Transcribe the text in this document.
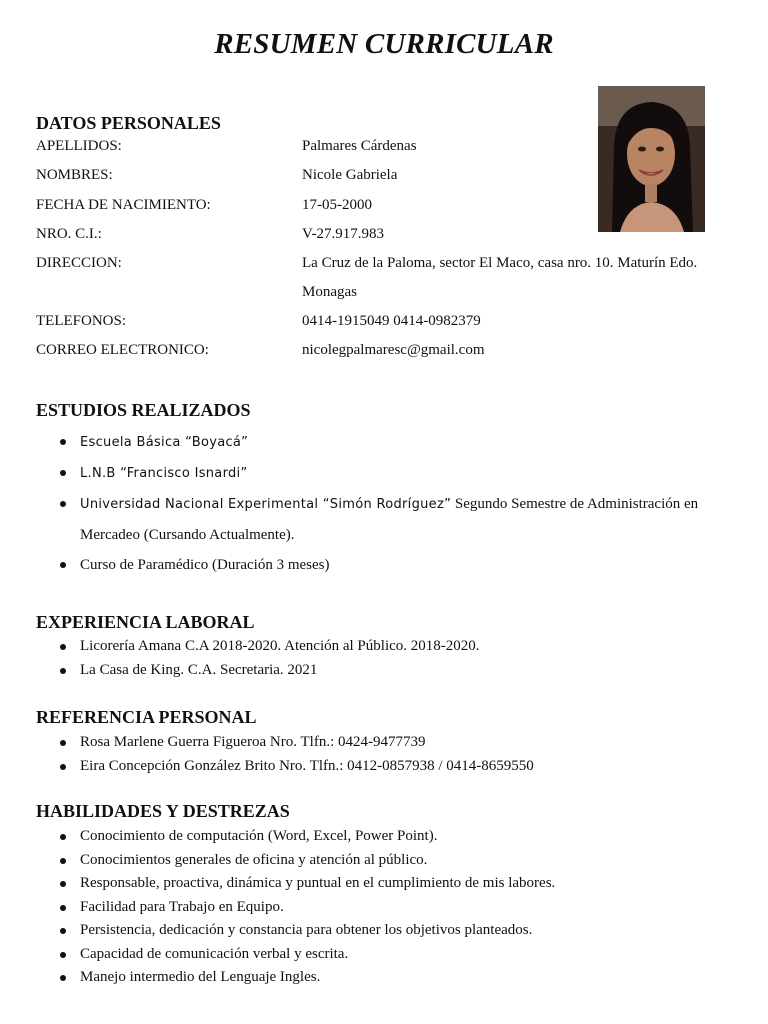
RESUMEN CURRICULAR
DATOS PERSONALES
APELLIDOS:	Palmares Cárdenas
NOMBRES:	Nicole Gabriela
FECHA DE NACIMIENTO:	17-05-2000
NRO. C.I.:	V-27.917.983
DIRECCION:	La Cruz de la Paloma, sector El Maco, casa nro. 10. Maturín Edo. Monagas
TELEFONOS:	0414-1915049 0414-0982379
CORREO ELECTRONICO:	nicolegpalmaresc@gmail.com
ESTUDIOS REALIZADOS
Escuela Básica “Boyacá”
L.N.B “Francisco Isnardi”
Universidad Nacional Experimental “Simón Rodríguez” Segundo Semestre de Administración en Mercadeo (Cursando Actualmente).
Curso de Paramédico (Duración 3 meses)
EXPERIENCIA LABORAL
Licorería Amana C.A 2018-2020. Atención al Público. 2018-2020.
La Casa de King. C.A. Secretaria. 2021
REFERENCIA PERSONAL
Rosa Marlene Guerra Figueroa Nro. Tlfn.: 0424-9477739
Eira Concepción González Brito Nro. Tlfn.: 0412-0857938 / 0414-8659550
HABILIDADES Y DESTREZAS
Conocimiento de computación (Word, Excel, Power Point).
Conocimientos generales de oficina y atención al público.
Responsable, proactiva, dinámica y puntual en el cumplimiento de mis labores.
Facilidad para Trabajo en Equipo.
Persistencia, dedicación y constancia para obtener los objetivos planteados.
Capacidad de comunicación verbal y escrita.
Manejo intermedio del Lenguaje Ingles.
